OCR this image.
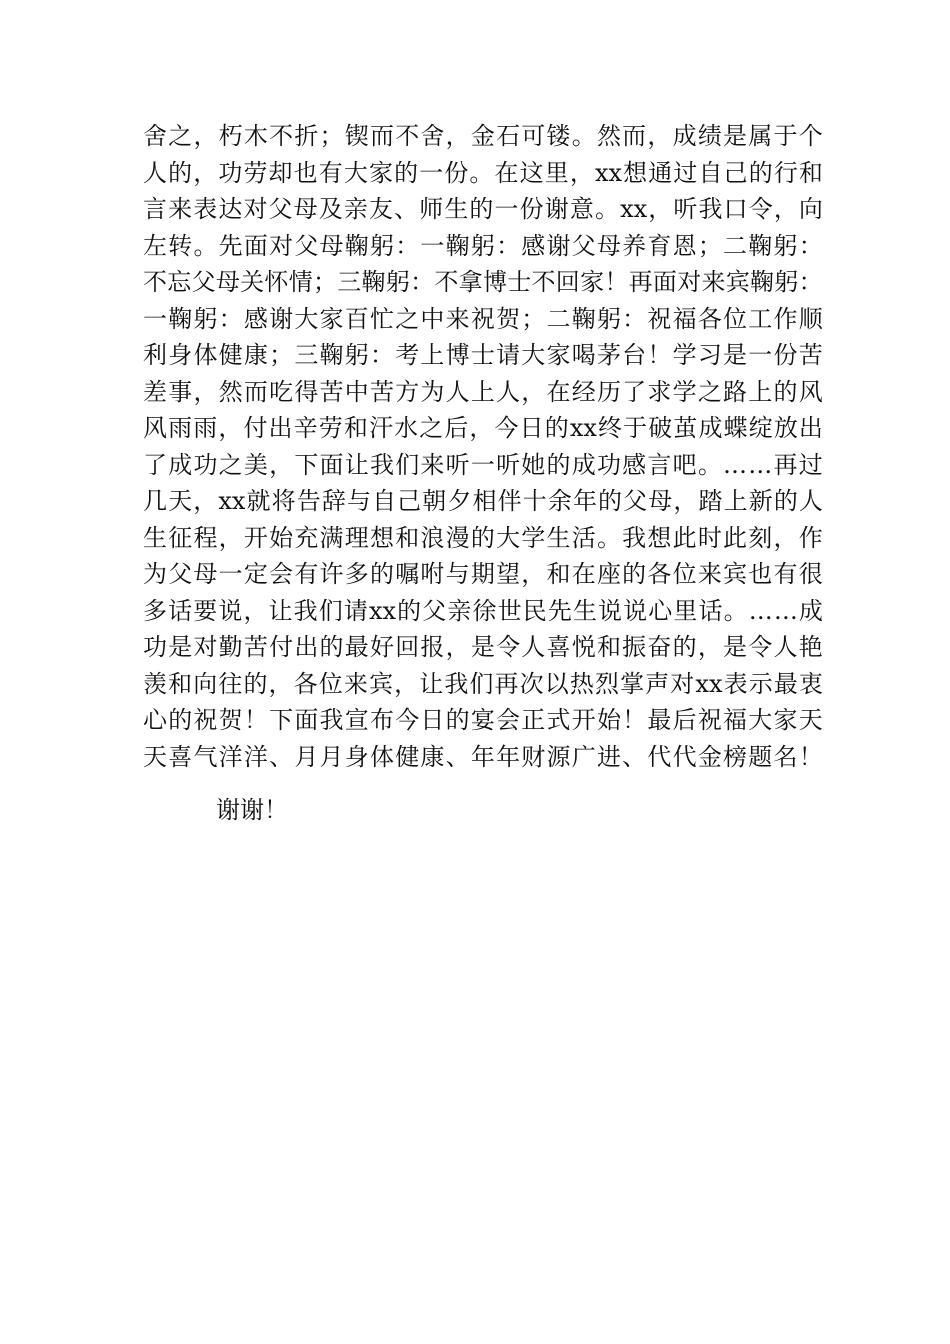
舍 之 ， 朽 木 不 折 ； 锲 而 不 舍 ， 金 石 可 镂 。 然 而 ， 成 绩 是 属 于 个
人 的 ， 功 劳 却 也 有 大 家 的 一 份 。 在 这 里 ， xx 想 通 过 自 己 的 行 和
言 来 表 达 对 父 母 及 亲 友 、 师 生 的 一 份 谢 意 。 xx ， 听 我 口 令 ， 向
左 转 。 先 面 对 父 母 鞠 躬 ： 一 鞠 躬 ： 感 谢 父 母 养 育 恩 ； 二 鞠 躬 ：
不 忘 父 母 关 怀 情 ； 三 鞠 躬 ： 不 拿 博 士 不 回 家 ！ 再 面 对 来 宾 鞠 躬 ：
一 鞠 躬 ： 感 谢 大 家 百 忙 之 中 来 祝 贺 ； 二 鞠 躬 ： 祝 福 各 位 工 作 顺
利 身 体 健 康 ； 三 鞠 躬 ： 考 上 博 士 请 大 家 喝 茅 台 ！ 学 习 是 一 份 苦
差 事 ， 然 而 吃 得 苦 中 苦 方 为 人 上 人 ， 在 经 历 了 求 学 之 路 上 的 风
风 雨 雨 ， 付 出 辛 劳 和 汗 水 之 后 ， 今 日 的 xx 终 于 破 茧 成 蝶 绽 放 出
了 成 功 之 美 ， 下 面 让 我 们 来 听 一 听 她 的 成 功 感 言 吧 。 … … 再 过
几 天 ， xx 就 将 告 辞 与 自 己 朝 夕 相 伴 十 余 年 的 父 母 ， 踏 上 新 的 人
生 征 程 ， 开 始 充 满 理 想 和 浪 漫 的 大 学 生 活 。 我 想 此 时 此 刻 ， 作
为 父 母 一 定 会 有 许 多 的 嘱 咐 与 期 望 ， 和 在 座 的 各 位 来 宾 也 有 很
多 话 要 说 ， 让 我 们 请 xx 的 父 亲 徐 世 民 先 生 说 说 心 里 话 。 … … 成
功 是 对 勤 苦 付 出 的 最 好 回 报 ， 是 令 人 喜 悦 和 振 奋 的 ， 是 令 人 艳
羡 和 向 往 的 ， 各 位 来 宾 ， 让 我 们 再 次 以 热 烈 掌 声 对 xx 表 示 最 衷
心 的 祝 贺 ！ 下 面 我 宣 布 今 日 的 宴 会 正 式 开 始 ！ 最 后 祝 福 大 家 天
天 喜 气 洋 洋 、 月 月 身 体 健 康 、 年 年 财 源 广 进 、 代 代 金 榜 题 名 ！
谢谢！
